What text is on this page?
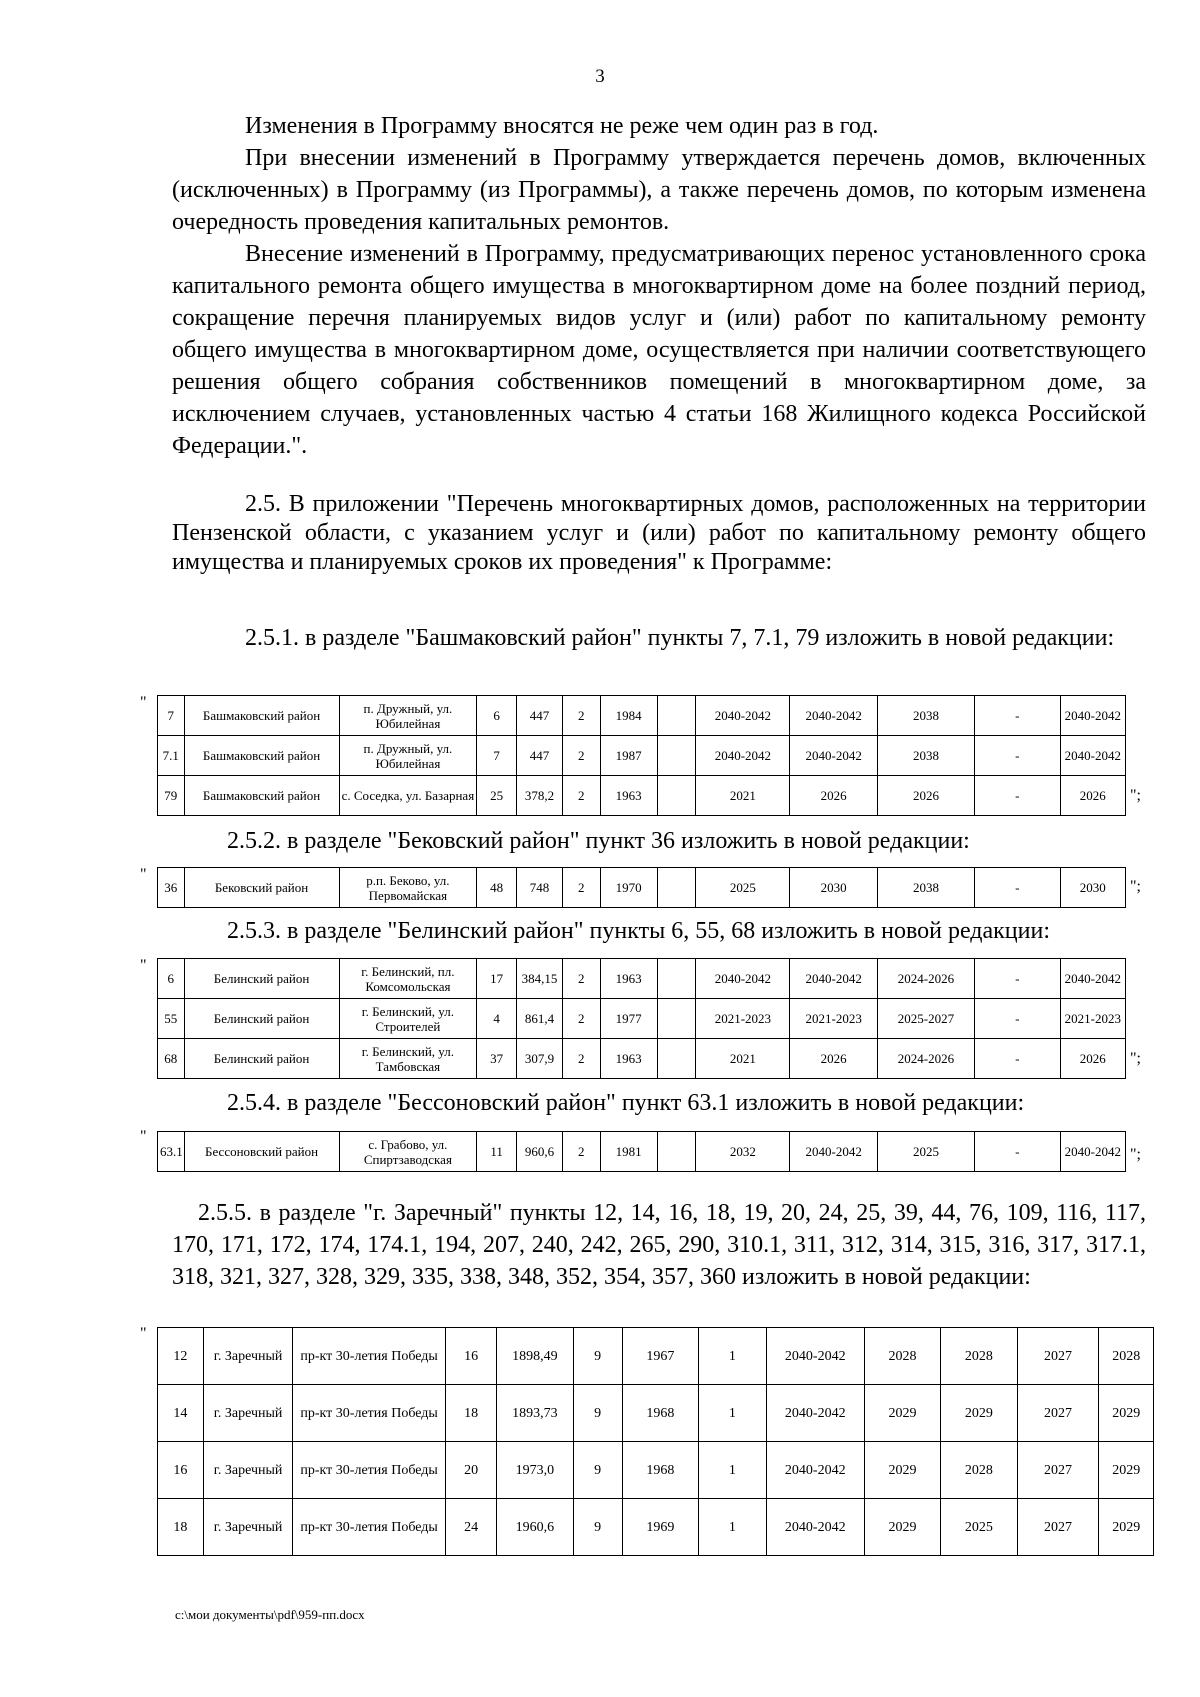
3

Изменения в Программу вносятся не реже чем один раз в год.

При внесении изменений в Программу утверждается перечень домов, включенных (исключенных) в Программу (из Программы), а также перечень домов, по которым изменена очередность проведения капитальных ремонтов.

Внесение изменений в Программу, предусматривающих перенос установленного срока капитального ремонта общего имущества в многоквартирном доме на более поздний период, сокращение перечня планируемых видов услуг и (или) работ по капитальному ремонту общего имущества в многоквартирном доме, осуществляется при наличии соответствующего решения общего собрания собственников помещений в многоквартирном доме, за исключением случаев, установленных частью 4 статьи 168 Жилищного кодекса Российской Федерации.".

2.5. В приложении "Перечень многоквартирных домов, расположенных на территории Пензенской области, с указанием услуг и (или) работ по капитальному ремонту общего имущества и планируемых сроков их проведения" к Программе:

2.5.1. в разделе "Башмаковский район" пункты 7, 7.1, 79 изложить в новой редакции:

"
7	Башмаковский район	п. Дружный, ул. Юбилейная	6	447	2	1984		2040-2042	2040-2042	2038	-	2040-2042
7.1	Башмаковский район	п. Дружный, ул. Юбилейная	7	447	2	1987		2040-2042	2040-2042	2038	-	2040-2042
79	Башмаковский район	с. Соседка, ул. Базарная	25	378,2	2	1963		2021	2026	2026	-	2026 ";

2.5.2. в разделе "Бековский район" пункт 36 изложить в новой редакции:

"
36	Бековский район	р.п. Беково, ул. Первомайская	48	748	2	1970		2025	2030	2038	-	2030 ";

2.5.3. в разделе "Белинский район" пункты 6, 55, 68 изложить в новой редакции:

"
6	Белинский район	г. Белинский, пл. Комсомольская	17	384,15	2	1963		2040-2042	2040-2042	2024-2026	-	2040-2042
55	Белинский район	г. Белинский, ул. Строителей	4	861,4	2	1977		2021-2023	2021-2023	2025-2027	-	2021-2023
68	Белинский район	г. Белинский, ул. Тамбовская	37	307,9	2	1963		2021	2026	2024-2026	-	2026 ";

2.5.4. в разделе "Бессоновский район" пункт 63.1 изложить в новой редакции:

"
63.1	Бессоновский район	с. Грабово, ул. Спиртзаводская	11	960,6	2	1981		2032	2040-2042	2025	-	2040-2042 ";

2.5.5. в разделе "г. Заречный" пункты 12, 14, 16, 18, 19, 20, 24, 25, 39, 44, 76, 109, 116, 117, 170, 171, 172, 174, 174.1, 194, 207, 240, 242, 265, 290, 310.1, 311, 312, 314, 315, 316, 317, 317.1, 318, 321, 327, 328, 329, 335, 338, 348, 352, 354, 357, 360 изложить в новой редакции:

"
12	г. Заречный	пр-кт 30-летия Победы	16	1898,49	9	1967	1	2040-2042	2028	2028	2027	2028
14	г. Заречный	пр-кт 30-летия Победы	18	1893,73	9	1968	1	2040-2042	2029	2029	2027	2029
16	г. Заречный	пр-кт 30-летия Победы	20	1973,0	9	1968	1	2040-2042	2029	2028	2027	2029
18	г. Заречный	пр-кт 30-летия Победы	24	1960,6	9	1969	1	2040-2042	2029	2025	2027	2029
c:\мои документы\pdf\959-пп.docx
